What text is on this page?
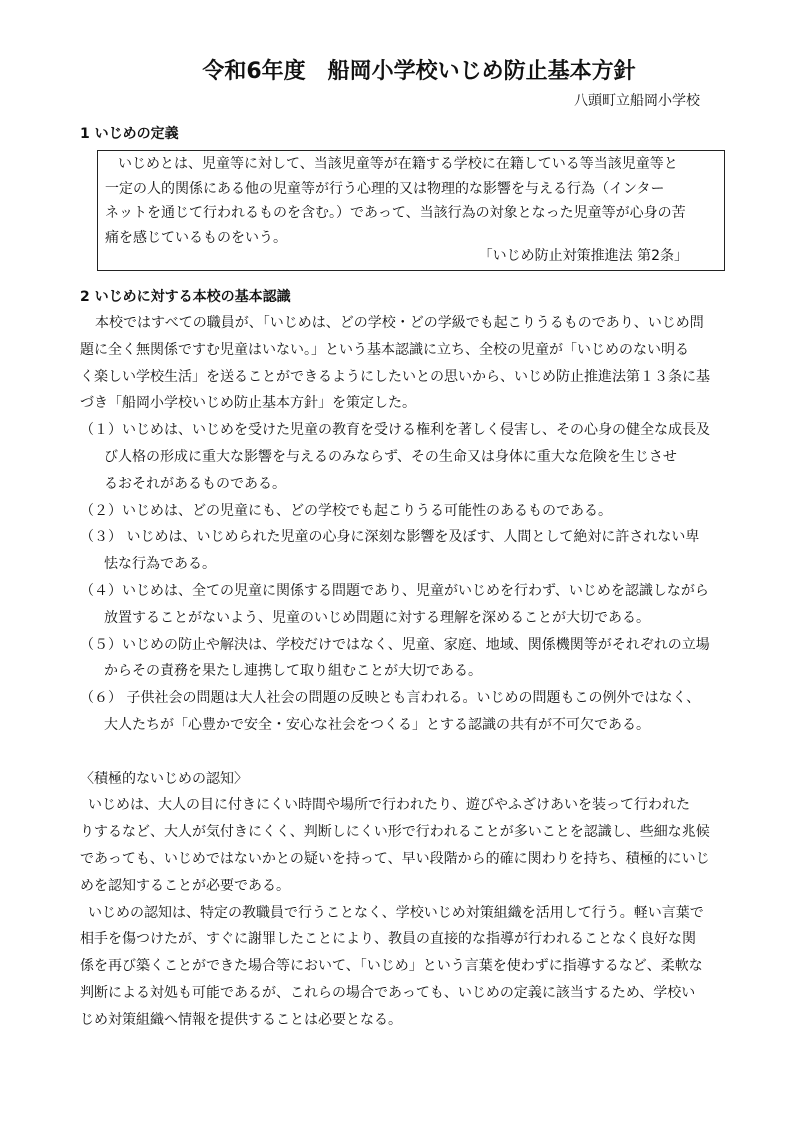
令和6年度　船岡小学校いじめ防止基本方針
八頭町立船岡小学校
1 いじめの定義
いじめとは、児童等に対して、当該児童等が在籍する学校に在籍している等当該児童等と
一定の人的関係にある他の児童等が行う心理的又は物理的な影響を与える行為（インター
ネットを通じて行われるものを含む。）であって、当該行為の対象となった児童等が心身の苦
痛を感じているものをいう。
「いじめ防止対策推進法 第2条」
2 いじめに対する本校の基本認識
本校ではすべての職員が、「いじめは、どの学校・どの学級でも起こりうるものであり、いじめ問
題に全く無関係ですむ児童はいない。」という基本認識に立ち、全校の児童が「いじめのない明る
く楽しい学校生活」を送ることができるようにしたいとの思いから、いじめ防止推進法第１３条に基
づき「船岡小学校いじめ防止基本方針」を策定した。
（１）いじめは、いじめを受けた児童の教育を受ける権利を著しく侵害し、その心身の健全な成長及
び人格の形成に重大な影響を与えるのみならず、その生命又は身体に重大な危険を生じさせ
るおそれがあるものである。
（２）いじめは、どの児童にも、どの学校でも起こりうる可能性のあるものである。
（３） いじめは、いじめられた児童の心身に深刻な影響を及ぼす、人間として絶対に許されない卑
怯な行為である。
（４）いじめは、全ての児童に関係する問題であり、児童がいじめを行わず、いじめを認識しながら
放置することがないよう、児童のいじめ問題に対する理解を深めることが大切である。
（５）いじめの防止や解決は、学校だけではなく、児童、家庭、地域、関係機関等がそれぞれの立場
からその責務を果たし連携して取り組むことが大切である。
（６） 子供社会の問題は大人社会の問題の反映とも言われる。いじめの問題もこの例外ではなく、
大人たちが「心豊かで安全・安心な社会をつくる」とする認識の共有が不可欠である。
〈積極的ないじめの認知〉
いじめは、大人の目に付きにくい時間や場所で行われたり、遊びやふざけあいを装って行われた
りするなど、大人が気付きにくく、判断しにくい形で行われることが多いことを認識し、些細な兆候
であっても、いじめではないかとの疑いを持って、早い段階から的確に関わりを持ち、積極的にいじ
めを認知することが必要である。
いじめの認知は、特定の教職員で行うことなく、学校いじめ対策組織を活用して行う。軽い言葉で
相手を傷つけたが、すぐに謝罪したことにより、教員の直接的な指導が行われることなく良好な関
係を再び築くことができた場合等において、「いじめ」という言葉を使わずに指導するなど、柔軟な
判断による対処も可能であるが、これらの場合であっても、いじめの定義に該当するため、学校い
じめ対策組織へ情報を提供することは必要となる。
